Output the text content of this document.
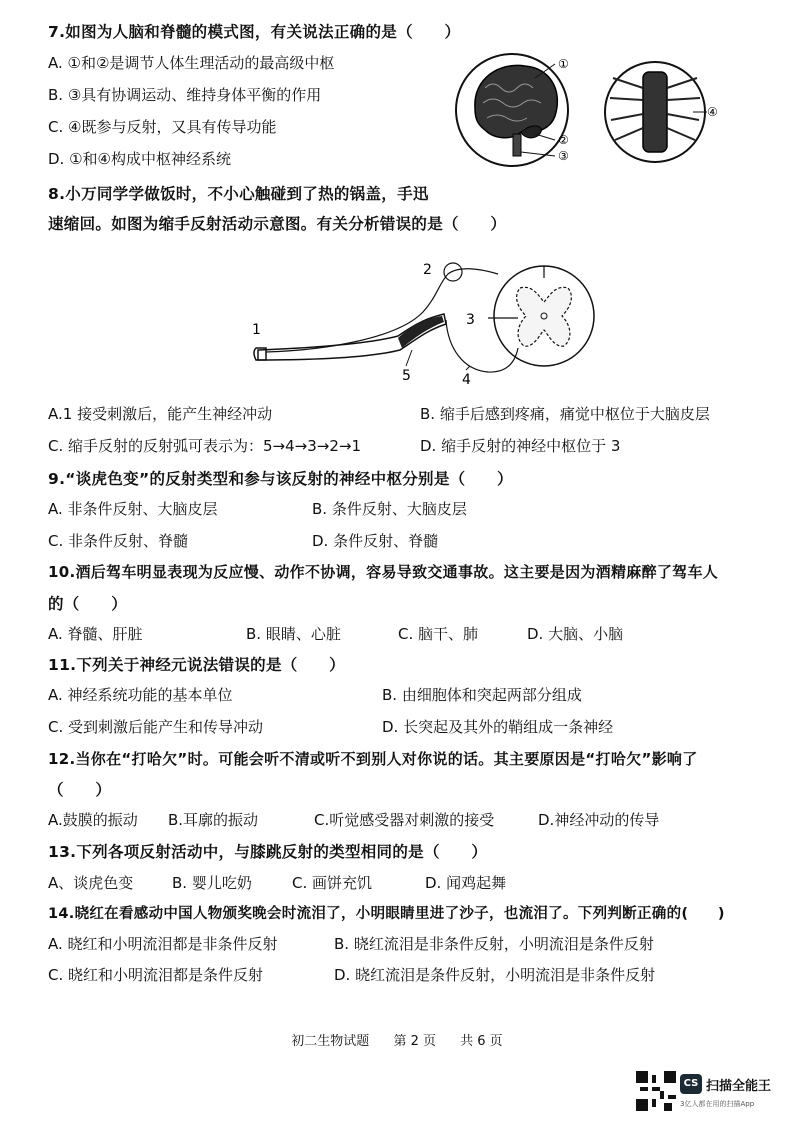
7.如图为人脑和脊髓的模式图，有关说法正确的是（　　）
A. ①和②是调节人体生理活动的最高级中枢
B. ③具有协调运动、维持身体平衡的作用
C. ④既参与反射，又具有传导功能
D. ①和④构成中枢神经系统
①
②
③
④
8.小万同学学做饭时，不小心触碰到了热的锅盖，手迅
速缩回。如图为缩手反射活动示意图。有关分析错误的是（　　）
1
2
3
4
5
A.1 接受刺激后，能产生神经冲动	B. 缩手后感到疼痛，痛觉中枢位于大脑皮层
C. 缩手反射的反射弧可表示为：5→4→3→2→1	D. 缩手反射的神经中枢位于 3
9.“谈虎色变”的反射类型和参与该反射的神经中枢分别是（　　）
A. 非条件反射、大脑皮层	B. 条件反射、大脑皮层
C. 非条件反射、脊髓	D. 条件反射、脊髓
10.酒后驾车明显表现为反应慢、动作不协调，容易导致交通事故。这主要是因为酒精麻醉了驾车人
的（　　）
A. 脊髓、肝脏	B. 眼睛、心脏	C. 脑干、肺	D. 大脑、小脑
11.下列关于神经元说法错误的是（　　）
A. 神经系统功能的基本单位	B. 由细胞体和突起两部分组成
C. 受到刺激后能产生和传导冲动	D. 长突起及其外的鞘组成一条神经
12.当你在“打哈欠”时。可能会听不清或听不到别人对你说的话。其主要原因是“打哈欠”影响了
（　　）
A.鼓膜的振动 B.耳廓的振动	C.听觉感受器对刺激的接受	D.神经冲动的传导
13.下列各项反射活动中，与膝跳反射的类型相同的是（　　）
A、谈虎色变	B. 婴儿吃奶	C. 画饼充饥	D. 闻鸡起舞
14.晓红在看感动中国人物颁奖晚会时流泪了，小明眼睛里进了沙子，也流泪了。下列判断正确的(　　)
A. 晓红和小明流泪都是非条件反射	B. 晓红流泪是非条件反射，小明流泪是条件反射
C. 晓红和小明流泪都是条件反射	D. 晓红流泪是条件反射，小明流泪是非条件反射
初二生物试题 第 2 页 共 6 页
CS 扫描全能王
3亿人都在用的扫描App
